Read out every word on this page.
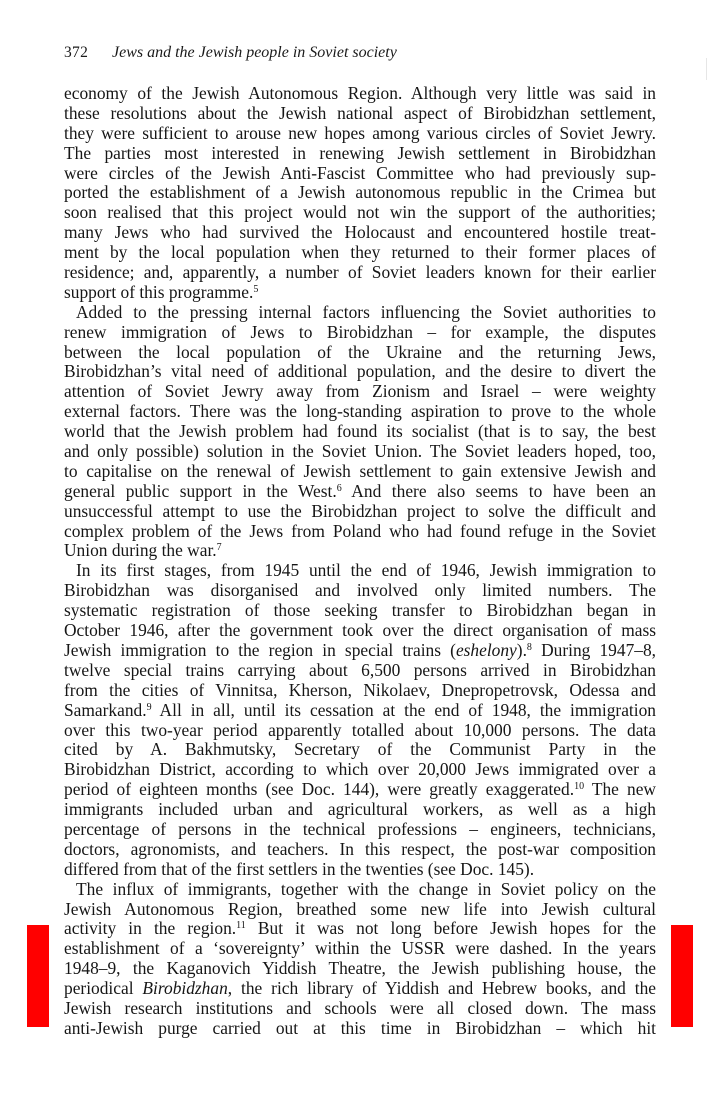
372 Jews and the Jewish people in Soviet society
economy of the Jewish Autonomous Region. Although very little was said in
these resolutions about the Jewish national aspect of Birobidzhan settlement,
they were sufficient to arouse new hopes among various circles of Soviet Jewry.
The parties most interested in renewing Jewish settlement in Birobidzhan
were circles of the Jewish Anti-Fascist Committee who had previously sup-
ported the establishment of a Jewish autonomous republic in the Crimea but
soon realised that this project would not win the support of the authorities;
many Jews who had survived the Holocaust and encountered hostile treat-
ment by the local population when they returned to their former places of
residence; and, apparently, a number of Soviet leaders known for their earlier
support of this programme.$^5$
Added to the pressing internal factors influencing the Soviet authorities to
renew immigration of Jews to Birobidzhan – for example, the disputes
between the local population of the Ukraine and the returning Jews,
Birobidzhan’s vital need of additional population, and the desire to divert the
attention of Soviet Jewry away from Zionism and Israel – were weighty
external factors. There was the long-standing aspiration to prove to the whole
world that the Jewish problem had found its socialist (that is to say, the best
and only possible) solution in the Soviet Union. The Soviet leaders hoped, too,
to capitalise on the renewal of Jewish settlement to gain extensive Jewish and
general public support in the West.$^6$ And there also seems to have been an
unsuccessful attempt to use the Birobidzhan project to solve the difficult and
complex problem of the Jews from Poland who had found refuge in the Soviet
Union during the war.$^7$
In its first stages, from 1945 until the end of 1946, Jewish immigration to
Birobidzhan was disorganised and involved only limited numbers. The
systematic registration of those seeking transfer to Birobidzhan began in
October 1946, after the government took over the direct organisation of mass
Jewish immigration to the region in special trains (eshelony).$^8$ During 1947–8,
twelve special trains carrying about 6,500 persons arrived in Birobidzhan
from the cities of Vinnitsa, Kherson, Nikolaev, Dnepropetrovsk, Odessa and
Samarkand.$^9$ All in all, until its cessation at the end of 1948, the immigration
over this two-year period apparently totalled about 10,000 persons. The data
cited by A. Bakhmutsky, Secretary of the Communist Party in the
Birobidzhan District, according to which over 20,000 Jews immigrated over a
period of eighteen months (see Doc. 144), were greatly exaggerated.$^{10}$ The new
immigrants included urban and agricultural workers, as well as a high
percentage of persons in the technical professions – engineers, technicians,
doctors, agronomists, and teachers. In this respect, the post-war composition
differed from that of the first settlers in the twenties (see Doc. 145).
The influx of immigrants, together with the change in Soviet policy on the
Jewish Autonomous Region, breathed some new life into Jewish cultural
activity in the region.$^{11}$ But it was not long before Jewish hopes for the
establishment of a ‘sovereignty’ within the USSR were dashed. In the years
1948–9, the Kaganovich Yiddish Theatre, the Jewish publishing house, the
periodical Birobidzhan, the rich library of Yiddish and Hebrew books, and the
Jewish research institutions and schools were all closed down. The mass
anti-Jewish purge carried out at this time in Birobidzhan – which hit
